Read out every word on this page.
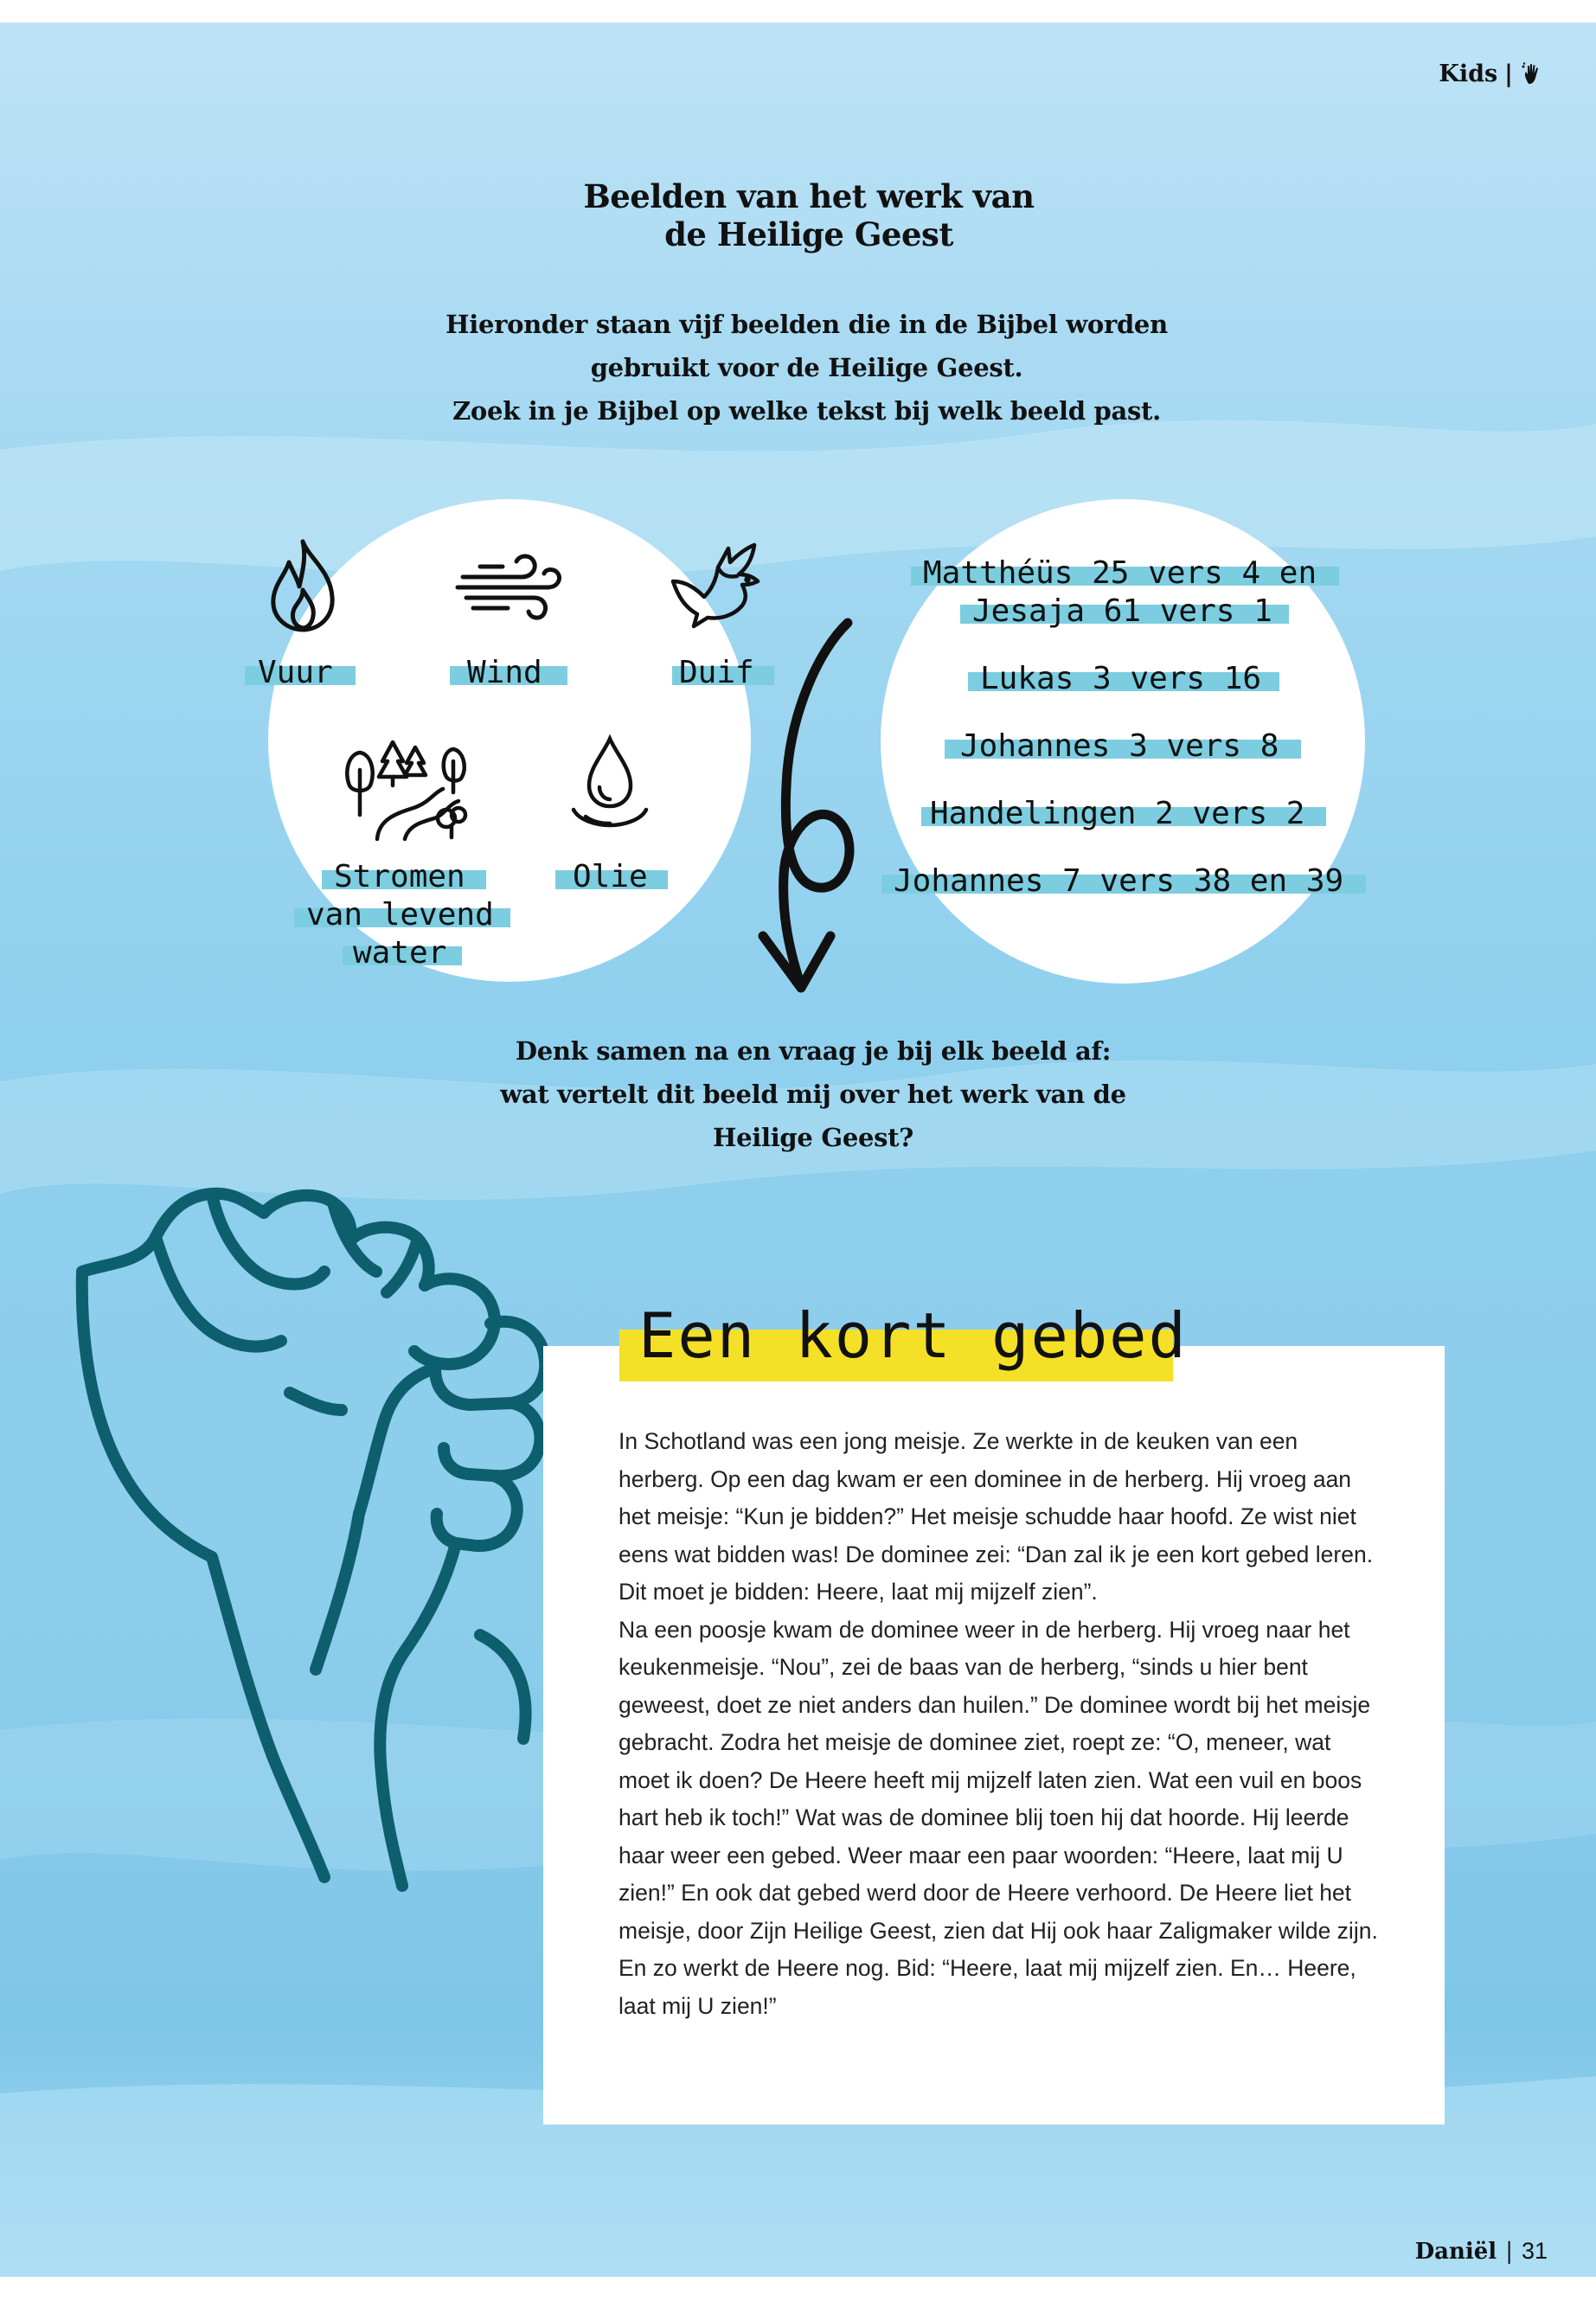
Kids |
Beelden van het werk van
de Heilige Geest
Hieronder staan vijf beelden die in de Bijbel worden
gebruikt voor de Heilige Geest.
Zoek in je Bijbel op welke tekst bij welk beeld past.
Vuur	Wind	Duif
Stromen
van levend
water
Olie
Matthéüs 25 vers 4 en
Jesaja 61 vers 1
Lukas 3 vers 16
Johannes 3 vers 8
Handelingen 2 vers 2
Johannes 7 vers 38 en 39
Denk samen na en vraag je bij elk beeld af:
wat vertelt dit beeld mij over het werk van de
Heilige Geest?
Een kort gebed

In Schotland was een jong meisje. Ze werkte in de keuken van een herberg. Op een dag kwam er een dominee in de herberg. Hij vroeg aan het meisje: “Kun je bidden?” Het meisje schudde haar hoofd. Ze wist niet eens wat bidden was! De dominee zei: “Dan zal ik je een kort gebed leren. Dit moet je bidden: Heere, laat mij mijzelf zien”.

Na een poosje kwam de dominee weer in de herberg. Hij vroeg naar het keukenmeisje. “Nou”, zei de baas van de herberg, “sinds u hier bent geweest, doet ze niet anders dan huilen.” De dominee wordt bij het meisje gebracht. Zodra het meisje de dominee ziet, roept ze: “O, meneer, wat moet ik doen? De Heere heeft mij mijzelf laten zien. Wat een vuil en boos hart heb ik toch!” Wat was de dominee blij toen hij dat hoorde. Hij leerde haar weer een gebed. Weer maar een paar woorden: “Heere, laat mij U zien!” En ook dat gebed werd door de Heere verhoord. De Heere liet het meisje, door Zijn Heilige Geest, zien dat Hij ook haar Zaligmaker wilde zijn.

En zo werkt de Heere nog. Bid: “Heere, laat mij mijzelf zien. En… Heere, laat mij U zien!”

Daniël | 31
